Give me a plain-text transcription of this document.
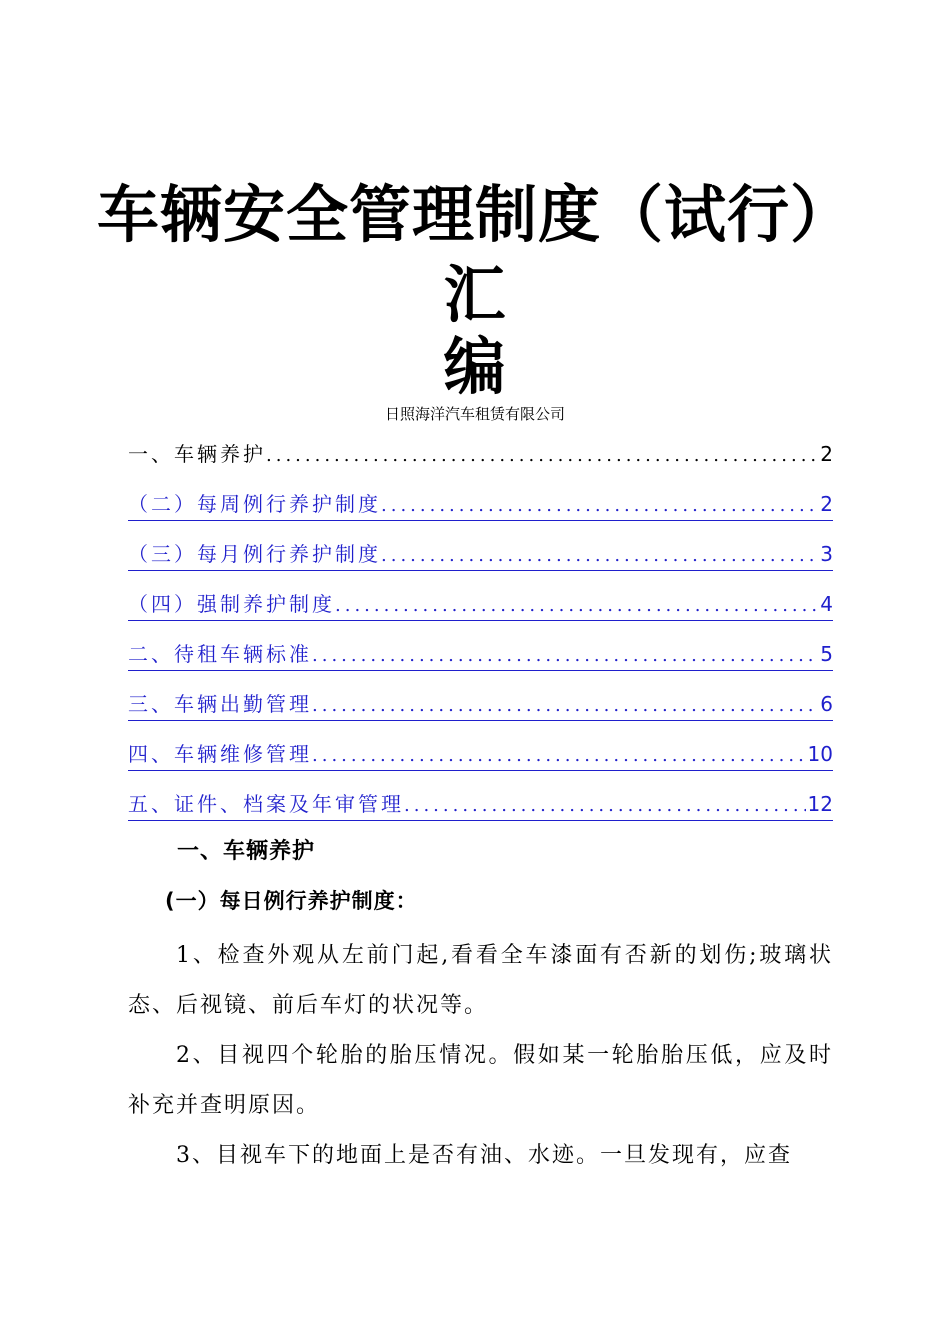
车辆安全管理制度（试行）
汇
编
日照海洋汽车租赁有限公司
一、车辆养护 .....	2
（二）每周例行养护制度 .....	2
（三）每月例行养护制度 .....	3
（四）强制养护制度 .....	4
二、待租车辆标准 .....	5
三、车辆出勤管理 .....	6
四、车辆维修管理 .....	10
五、证件、档案及年审管理 .....	12
一、车辆养护
(一）每日例行养护制度：

1、检查外观从左前门起,看看全车漆面有否新的划伤;玻璃状态、后视镜、前后车灯的状况等。

2、目视四个轮胎的胎压情况。假如某一轮胎胎压低，应及时补充并查明原因。

3、目视车下的地面上是否有油、水迹。一旦发现有，应查
